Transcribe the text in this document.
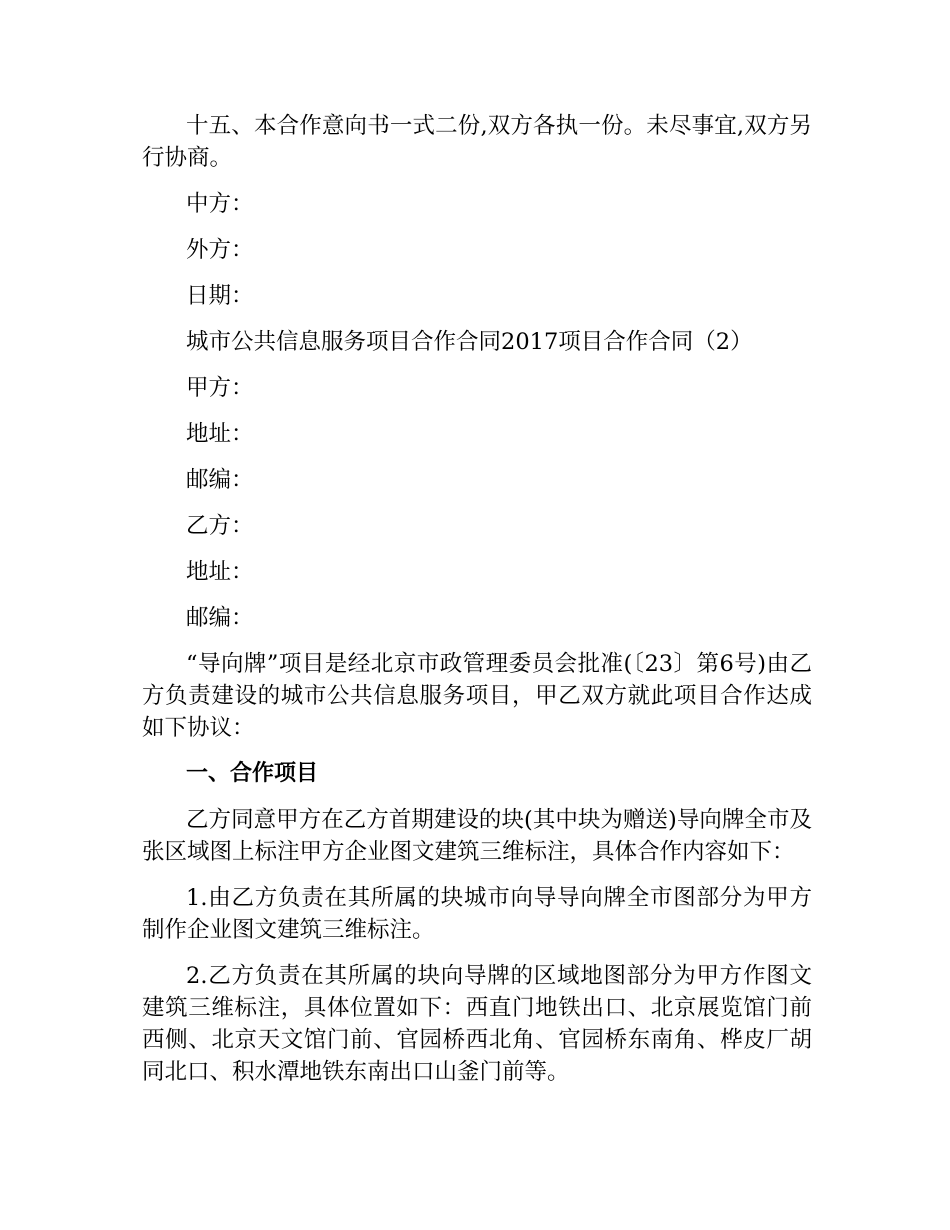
十五、本合作意向书一式二份,双方各执一份。未尽事宜,双方另行协商。

中方：

外方：

日期：

城市公共信息服务项目合作合同2017项目合作合同（2）

甲方：

地址：

邮编：

乙方：

地址：

邮编：

“导向牌”项目是经北京市政管理委员会批准(〔23〕第6号)由乙方负责建设的城市公共信息服务项目，甲乙双方就此项目合作达成如下协议：

一、合作项目

乙方同意甲方在乙方首期建设的块(其中块为赠送)导向牌全市及张区域图上标注甲方企业图文建筑三维标注，具体合作内容如下：

1.由乙方负责在其所属的块城市向导导向牌全市图部分为甲方制作企业图文建筑三维标注。

2.乙方负责在其所属的块向导牌的区域地图部分为甲方作图文建筑三维标注，具体位置如下：西直门地铁出口、北京展览馆门前西侧、北京天文馆门前、官园桥西北角、官园桥东南角、桦皮厂胡同北口、积水潭地铁东南出口山釜门前等。
